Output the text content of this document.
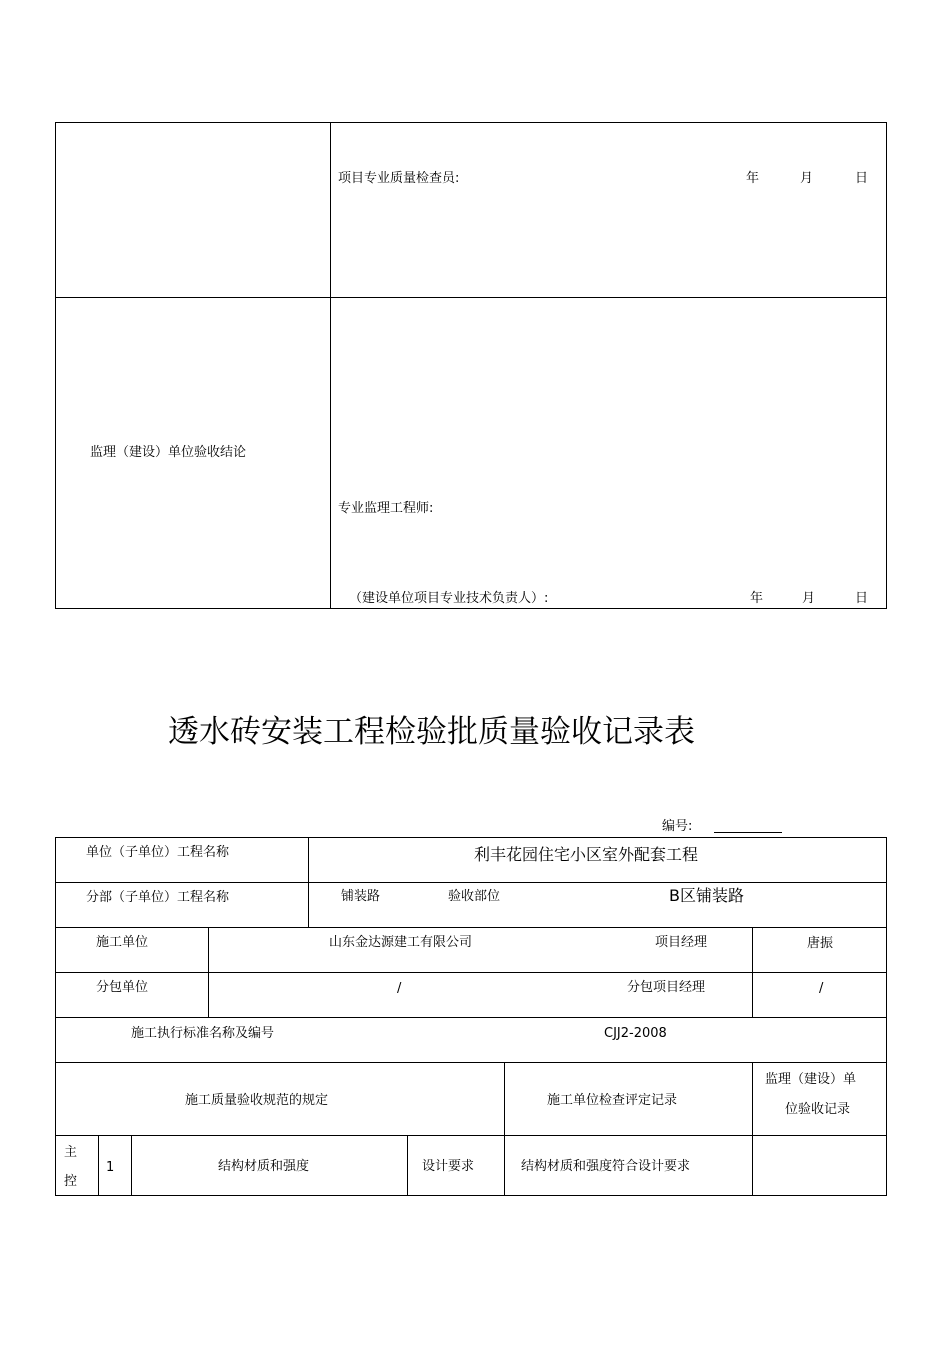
项目专业质量检查员:	年	月	日
监理（建设）单位验收结论
专业监理工程师:
（建设单位项目专业技术负责人）:	年	月	日
透水砖安装工程检验批质量验收记录表
编号:
单位（子单位）工程名称	利丰花园住宅小区室外配套工程
分部（子单位）工程名称	铺装路	验收部位	B区铺装路
施工单位	山东金达源建工有限公司	项目经理	唐振
分包单位	/	分包项目经理	/
施工执行标准名称及编号	CJJ2-2008
施工质量验收规范的规定	施工单位检查评定记录
监理（建设）单
位验收记录
主
控
1	结构材质和强度	设计要求	结构材质和强度符合设计要求
